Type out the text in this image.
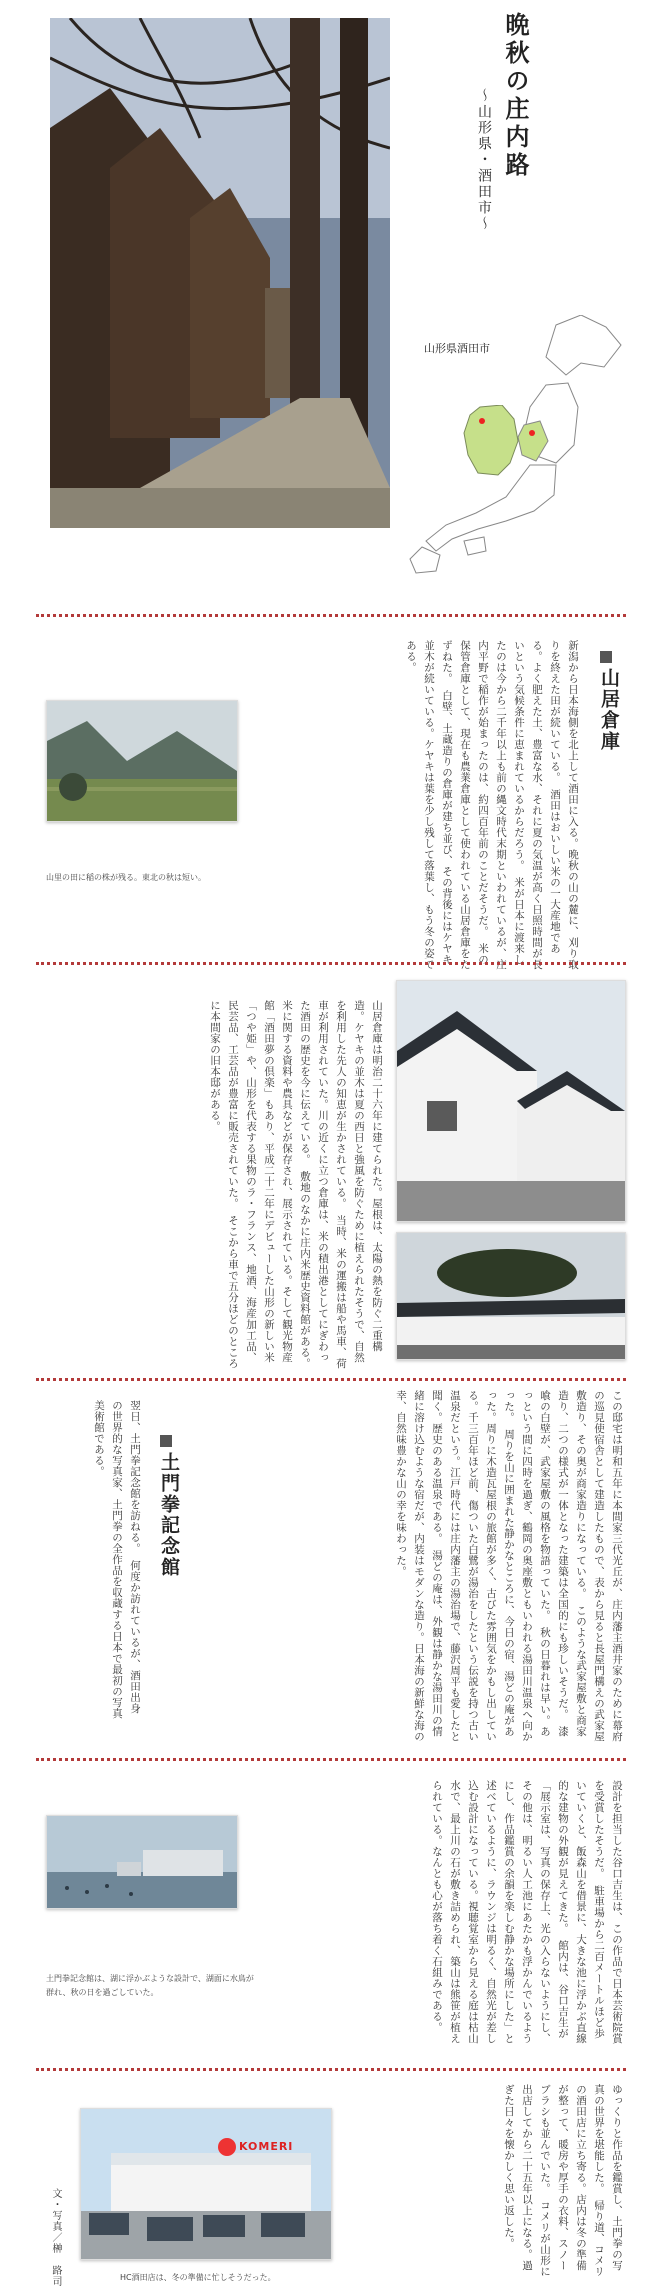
晩秋の庄内路
〜山形県・酒田市〜
山形県酒田市
山居倉庫
新潟から日本海側を北上して酒田に入る。晩秋の山の麓に、刈り取りを終えた田が続いている。　酒田はおいしい米の一大産地である。よく肥えた土、豊富な水、それに夏の気温が高く日照時間が長いという気候条件に恵まれているからだろう。　米が日本に渡来したのは今から二千年以上も前の縄文時代末期といわれているが、庄内平野で稲作が始まったのは、約四百年前のことだそうだ。　米の保管倉庫として、現在も農業倉庫として使われている山居倉庫をたずねた。　白壁、土蔵造りの倉庫が建ち並び、その背後にはケヤキ並木が続いている。ケヤキは葉を少し残して落葉し、もう冬の姿である。
山里の田に稲の株が残る。東北の秋は短い。
山居倉庫は明治二十六年に建てられた。屋根は、太陽の熱を防ぐ二重構造。ケヤキの並木は夏の西日と強風を防ぐために植えられたそうで、自然を利用した先人の知恵が生かされている。　当時、米の運搬は船や馬車、荷車が利用されていた。川の近くに立つ倉庫は、米の積出港としてにぎわった酒田の歴史を今に伝えている。　敷地のなかに庄内米歴史資料館がある。米に関する資料や農具などが保存され、展示されている。そして観光物産館「酒田夢の倶楽」もあり、平成二十二年にデビューした山形の新しい米「つや姫」や、山形を代表する果物のラ・フランス、地酒、海産加工品、民芸品、工芸品が豊富に販売されていた。　そこから車で五分ほどのところに本間家の旧本邸がある。
この邸宅は明和五年に本間家三代光丘が、庄内藩主酒井家のために幕府の巡見使宿舎として建造したもので、表から見ると長屋門構えの武家屋敷造り、その奥が商家造りになっている。　このような武家屋敷と商家造り、二つの様式が一体となった建築は全国的にも珍しいそうだ。　漆喰の白壁が、武家屋敷の風格を物語っていた。　秋の日暮れは早い。あっという間に四時を過ぎ、鶴岡の奥座敷ともいわれる湯田川温泉へ向かった。　周りを山に囲まれた静かなところに、今日の宿、湯どの庵があった。周りに木造瓦屋根の旅館が多く、古びた雰囲気をかもし出している。千三百年ほど前、傷ついた白鷺が湯治をしたという伝説を持つ古い温泉だという。江戸時代には庄内藩主の湯治場で、藤沢周平も愛したと聞く。歴史のある温泉である。　湯どの庵は、外観は静かな湯田川の情緒に溶け込むような宿だが、内装はモダンな造り。日本海の新鮮な海の幸、自然味豊かな山の幸を味わった。
土門拳記念館
翌日、土門拳記念館を訪ねる。　何度か訪れているが、酒田出身の世界的な写真家、土門拳の全作品を収蔵する日本で最初の写真美術館である。
設計を担当した谷口吉生は、この作品で日本芸術院賞を受賞したそうだ。　駐車場から二百メートルほど歩いていくと、飯森山を借景に、大きな池に浮かぶ直線的な建物の外観が見えてきた。　館内は、谷口吉生が「展示室は、写真の保存上、光の入らないようにし、その他は、明るい人工池にあたかも浮かんでいるようにし、作品鑑賞の余韻を楽しむ静かな場所にした」と述べているように、ラウンジは明るく、自然光が差し込む設計になっている。視聴覚室から見える庭は枯山水で、最上川の石が敷き詰められ、築山は熊笹が植えられている。なんとも心が落ち着く石組みである。
土門拳記念館は、湖に浮かぶような設計で、湖面に水鳥が群れ、秋の日を過ごしていた。
ゆっくりと作品を鑑賞し、土門拳の写真の世界を堪能した。　帰り道、コメリの酒田店に立ち寄る。店内は冬の準備が整って、暖房や厚手の衣料、スノーブラシも並んでいた。　コメリが山形に出店してから二十五年以上になる。過ぎた日々を懐かしく思い返した。
KOMERI
HC酒田店は、冬の準備に忙しそうだった。
文・写真／榊　路司
